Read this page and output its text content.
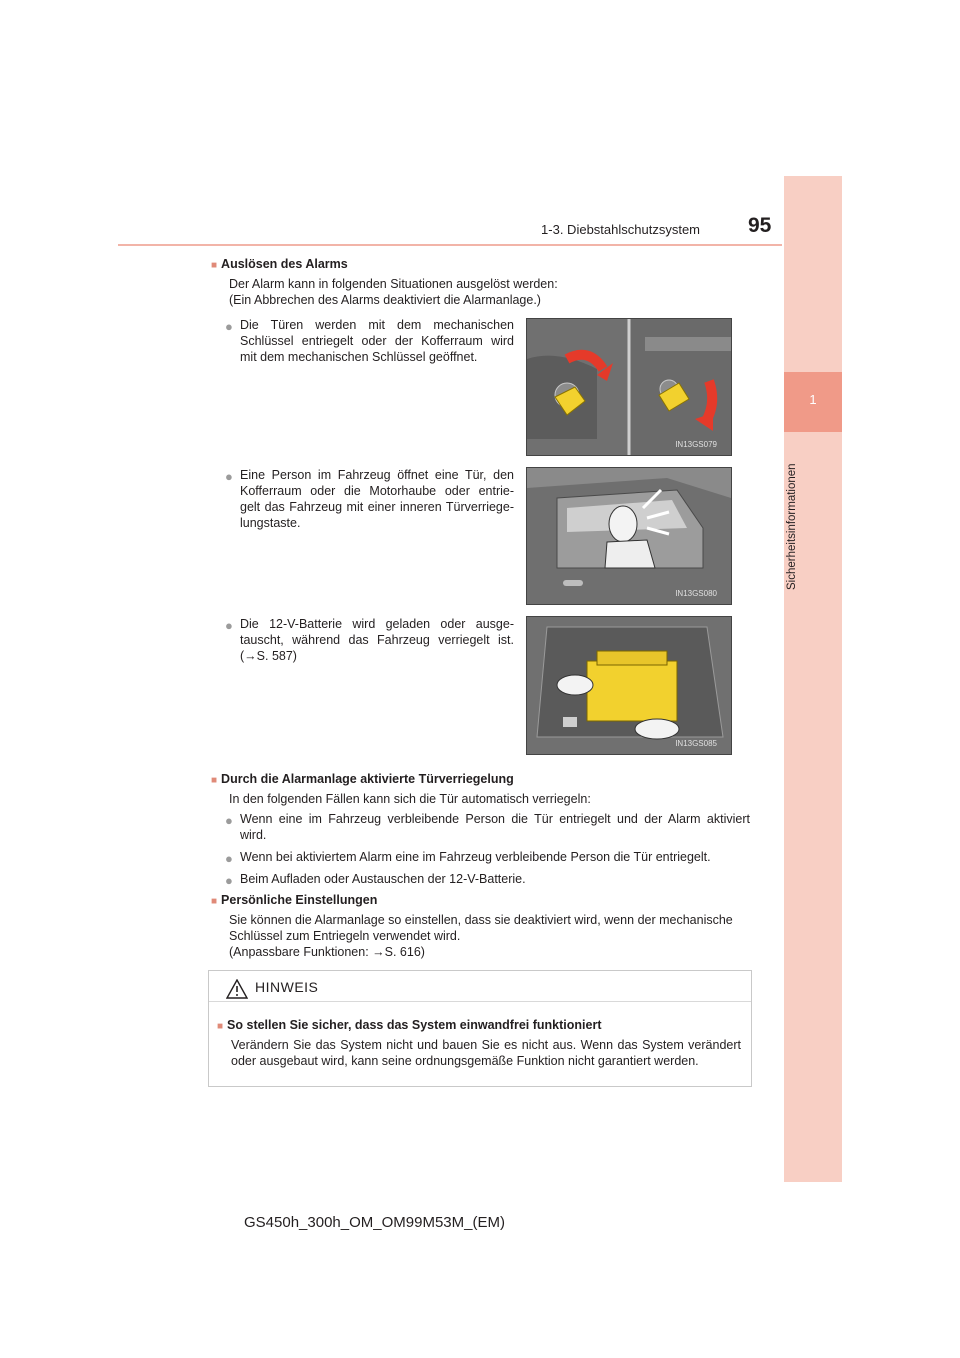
1-3. Diebstahlschutzsystem 95
1
Sicherheitsinformationen
■ Auslösen des Alarms
Der Alarm kann in folgenden Situationen ausgelöst werden:
(Ein Abbrechen des Alarms deaktiviert die Alarmanlage.)
● Die Türen werden mit dem mechanischen
Schlüssel entriegelt oder der Kofferraum wird
mit dem mechanischen Schlüssel geöffnet.
IN13GS079
● Eine Person im Fahrzeug öffnet eine Tür, den
Kofferraum oder die Motorhaube oder entrie-
gelt das Fahrzeug mit einer inneren Türverriege-
lungstaste.
IN13GS080
● Die 12-V-Batterie wird geladen oder ausge-
tauscht, während das Fahrzeug verriegelt ist.
(→S. 587)
IN13GS085
■ Durch die Alarmanlage aktivierte Türverriegelung
In den folgenden Fällen kann sich die Tür automatisch verriegeln:
● Wenn eine im Fahrzeug verbleibende Person die Tür entriegelt und der Alarm aktiviert
wird.
● Wenn bei aktiviertem Alarm eine im Fahrzeug verbleibende Person die Tür entriegelt.
● Beim Aufladen oder Austauschen der 12-V-Batterie.
■ Persönliche Einstellungen
Sie können die Alarmanlage so einstellen, dass sie deaktiviert wird, wenn der mechanische
Schlüssel zum Entriegeln verwendet wird.
(Anpassbare Funktionen: →S. 616)
HINWEIS
■ So stellen Sie sicher, dass das System einwandfrei funktioniert
Verändern Sie das System nicht und bauen Sie es nicht aus. Wenn das System verändert
oder ausgebaut wird, kann seine ordnungsgemäße Funktion nicht garantiert werden.
GS450h_300h_OM_OM99M53M_(EM)
